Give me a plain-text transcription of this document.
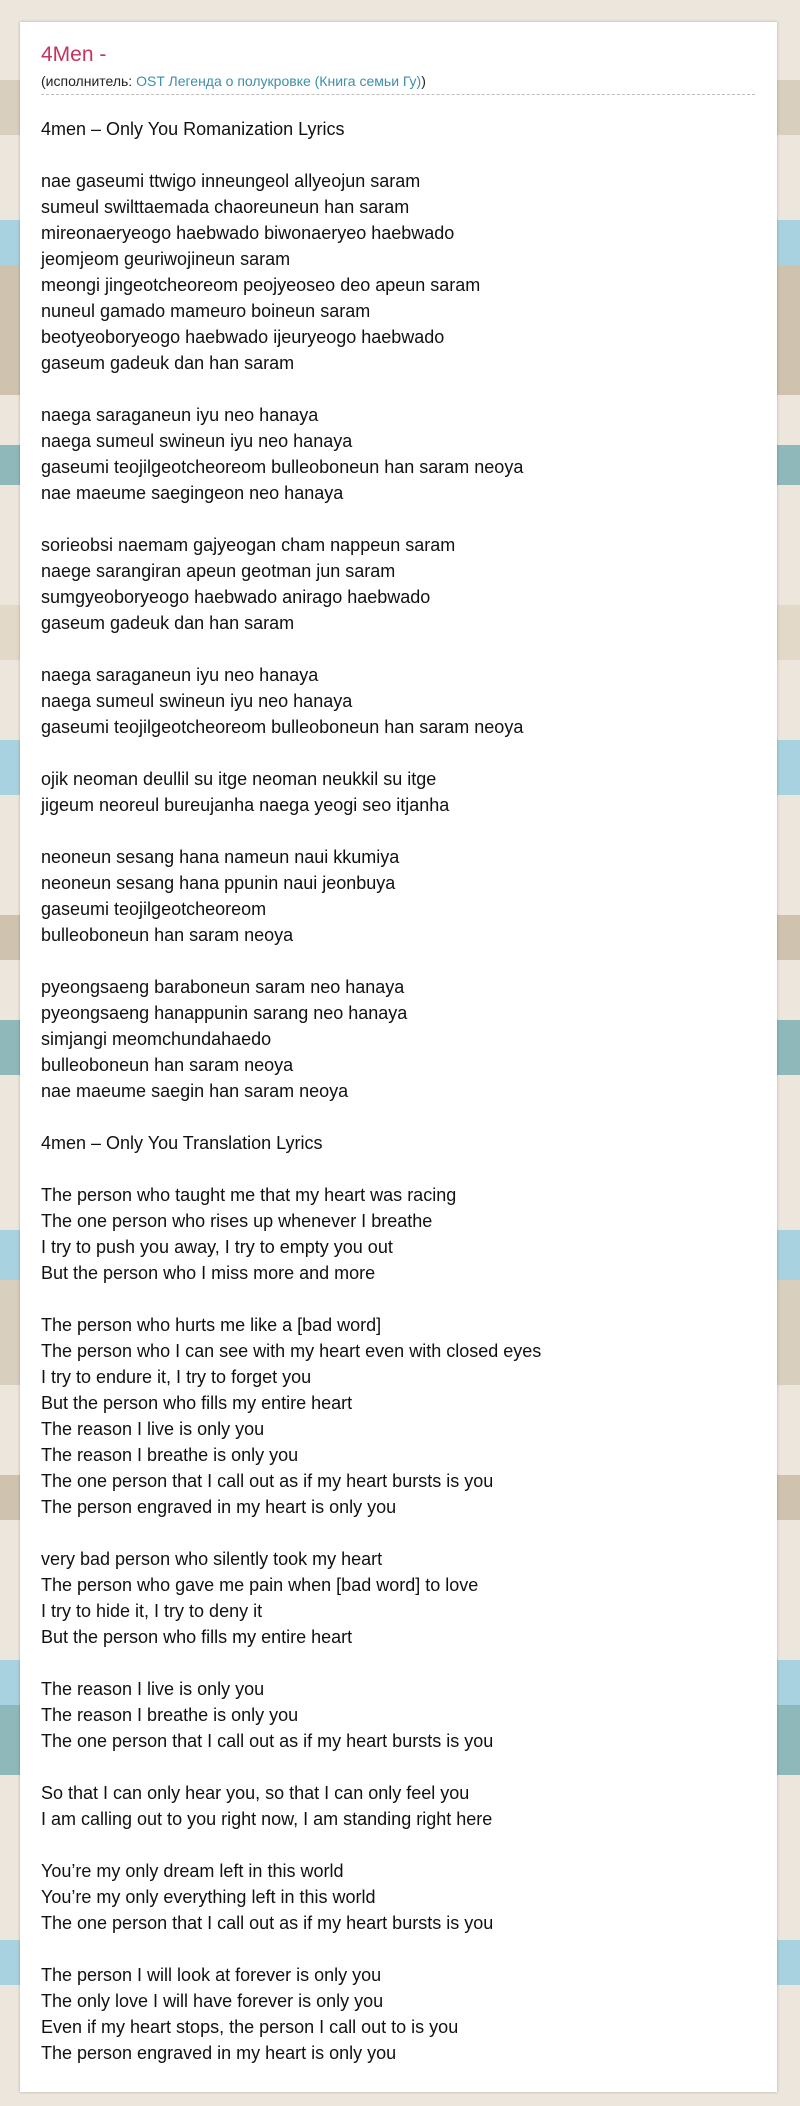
4Men -
(исполнитель: OST Легенда о полукровке (Книга семьи Гу))
4men – Only You Romanization Lyrics
nae gaseumi ttwigo inneungeol allyeojun saram
sumeul swilttaemada chaoreuneun han saram
mireonaeryeogo haebwado biwonaeryeo haebwado
jeomjeom geuriwojineun saram
meongi jingeotcheoreom peojyeoseo deo apeun saram
nuneul gamado mameuro boineun saram
beotyeoboryeogo haebwado ijeuryeogo haebwado
gaseum gadeuk dan han saram
naega saraganeun iyu neo hanaya
naega sumeul swineun iyu neo hanaya
gaseumi teojilgeotcheoreom bulleoboneun han saram neoya
nae maeume saegingeon neo hanaya
sorieobsi naemam gajyeogan cham nappeun saram
naege sarangiran apeun geotman jun saram
sumgyeoboryeogo haebwado anirago haebwado
gaseum gadeuk dan han saram
naega saraganeun iyu neo hanaya
naega sumeul swineun iyu neo hanaya
gaseumi teojilgeotcheoreom bulleoboneun han saram neoya
ojik neoman deullil su itge neoman neukkil su itge
jigeum neoreul bureujanha naega yeogi seo itjanha
neoneun sesang hana nameun naui kkumiya
neoneun sesang hana ppunin naui jeonbuya
gaseumi teojilgeotcheoreom
bulleoboneun han saram neoya
pyeongsaeng baraboneun saram neo hanaya
pyeongsaeng hanappunin sarang neo hanaya
simjangi meomchundahaedo
bulleoboneun han saram neoya
nae maeume saegin han saram neoya
4men – Only You Translation Lyrics
The person who taught me that my heart was racing
The one person who rises up whenever I breathe
I try to push you away, I try to empty you out
But the person who I miss more and more
The person who hurts me like a [bad word]
The person who I can see with my heart even with closed eyes
I try to endure it, I try to forget you
But the person who fills my entire heart
The reason I live is only you
The reason I breathe is only you
The one person that I call out as if my heart bursts is you
The person engraved in my heart is only you
very bad person who silently took my heart
The person who gave me pain when [bad word] to love
I try to hide it, I try to deny it
But the person who fills my entire heart
The reason I live is only you
The reason I breathe is only you
The one person that I call out as if my heart bursts is you
So that I can only hear you, so that I can only feel you
I am calling out to you right now, I am standing right here
You’re my only dream left in this world
You’re my only everything left in this world
The one person that I call out as if my heart bursts is you
The person I will look at forever is only you
The only love I will have forever is only you
Even if my heart stops, the person I call out to is you
The person engraved in my heart is only you
